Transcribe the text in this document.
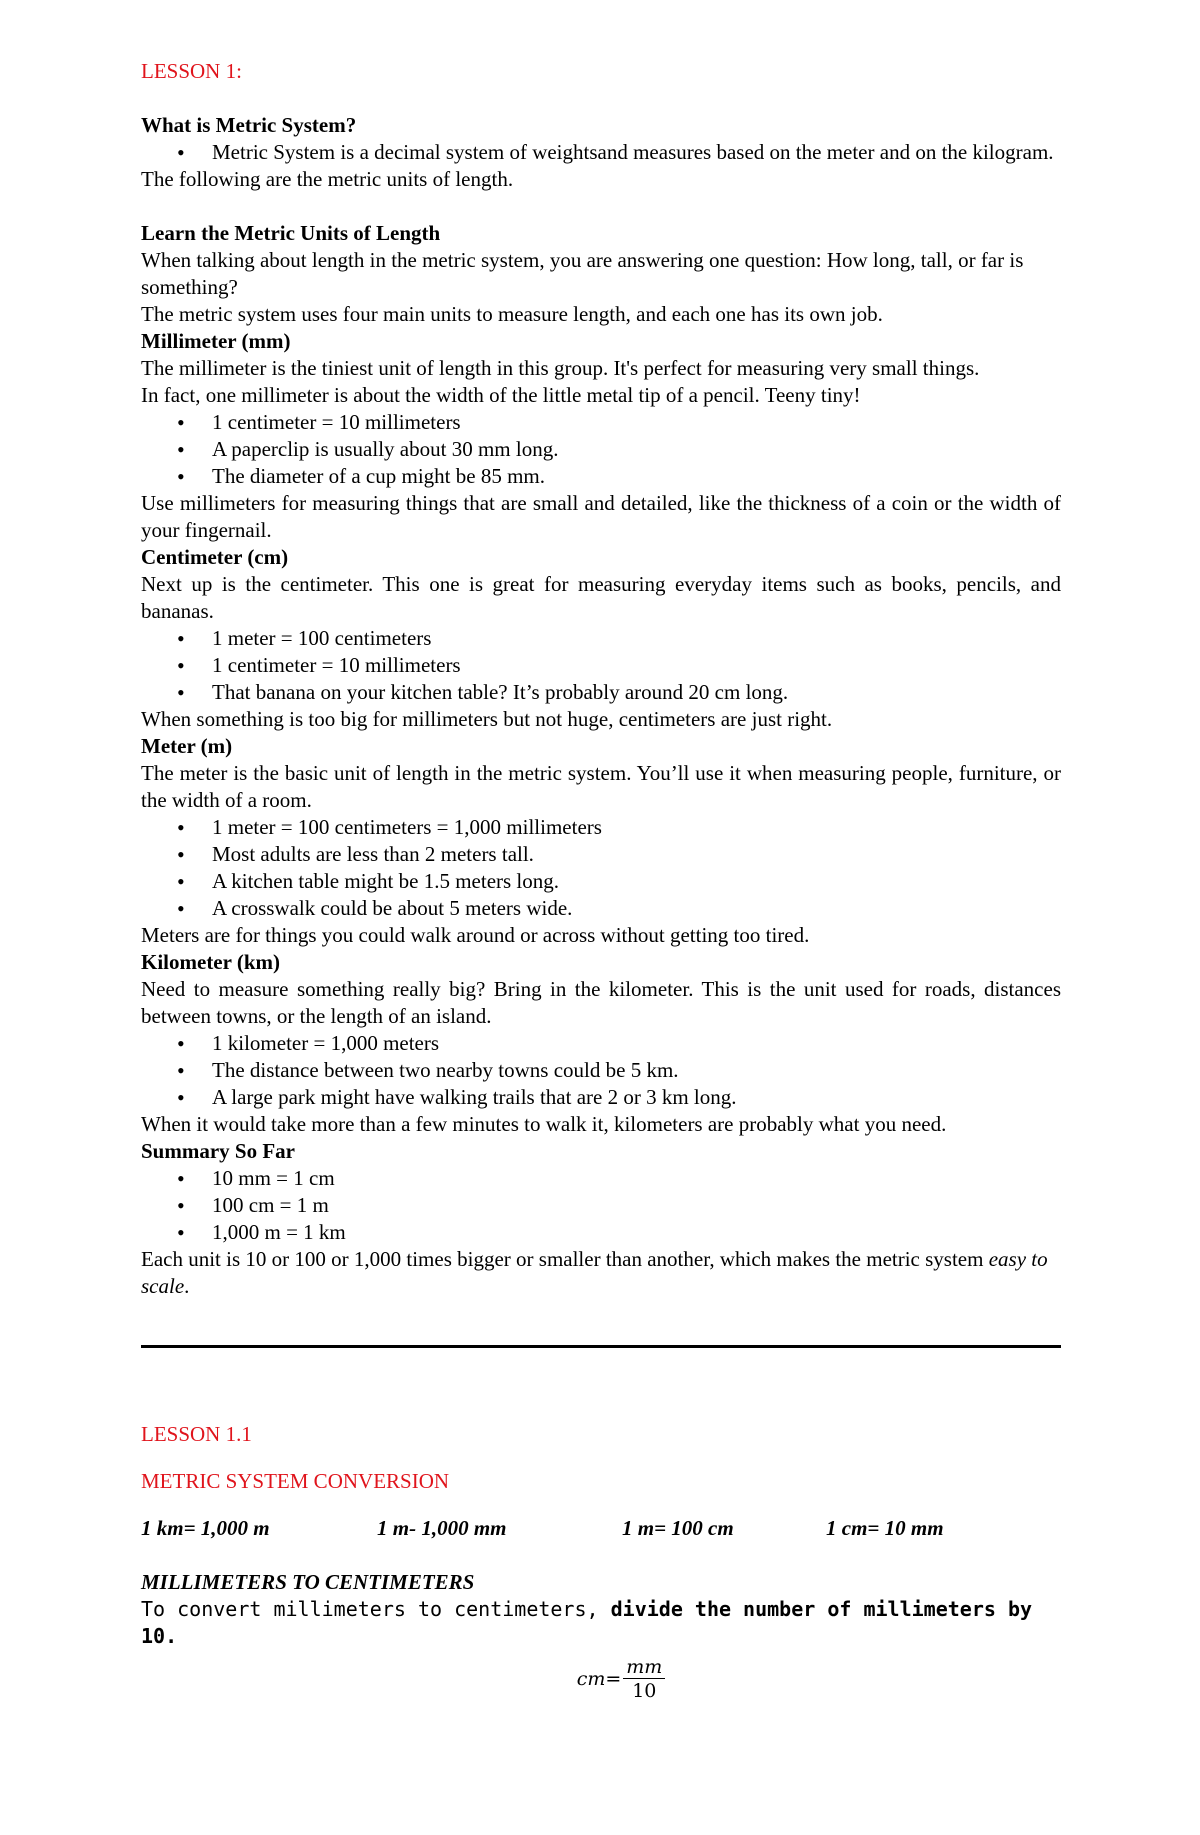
LESSON 1:

What is Metric System?

• Metric System is a decimal system of weightsand measures based on the meter and on the kilogram.

The following are the metric units of length.

Learn the Metric Units of Length

When talking about length in the metric system, you are answering one question: How long, tall, or far is something?

The metric system uses four main units to measure length, and each one has its own job.

Millimeter (mm)

The millimeter is the tiniest unit of length in this group. It's perfect for measuring very small things.

In fact, one millimeter is about the width of the little metal tip of a pencil. Teeny tiny!

• 1 centimeter = 10 millimeters
• A paperclip is usually about 30 mm long.
• The diameter of a cup might be 85 mm.

Use millimeters for measuring things that are small and detailed, like the thickness of a coin or the width of your fingernail.

Centimeter (cm)

Next up is the centimeter. This one is great for measuring everyday items such as books, pencils, and bananas.

• 1 meter = 100 centimeters
• 1 centimeter = 10 millimeters
• That banana on your kitchen table? It’s probably around 20 cm long.

When something is too big for millimeters but not huge, centimeters are just right.

Meter (m)

The meter is the basic unit of length in the metric system. You’ll use it when measuring people, furniture, or the width of a room.

• 1 meter = 100 centimeters = 1,000 millimeters
• Most adults are less than 2 meters tall.
• A kitchen table might be 1.5 meters long.
• A crosswalk could be about 5 meters wide.

Meters are for things you could walk around or across without getting too tired.

Kilometer (km)

Need to measure something really big? Bring in the kilometer. This is the unit used for roads, distances between towns, or the length of an island.

• 1 kilometer = 1,000 meters
• The distance between two nearby towns could be 5 km.
• A large park might have walking trails that are 2 or 3 km long.

When it would take more than a few minutes to walk it, kilometers are probably what you need.

Summary So Far

• 10 mm = 1 cm
• 100 cm = 1 m
• 1,000 m = 1 km

Each unit is 10 or 100 or 1,000 times bigger or smaller than another, which makes the metric system easy to scale.

LESSON 1.1

METRIC SYSTEM CONVERSION

1 km= 1,000 m	1 m- 1,000 mm	1 m= 100 cm	1 cm= 10 mm

MILLIMETERS TO CENTIMETERS

To convert millimeters to centimeters, divide the number of millimeters by 10.

$cm= \frac{mm}{10}$
